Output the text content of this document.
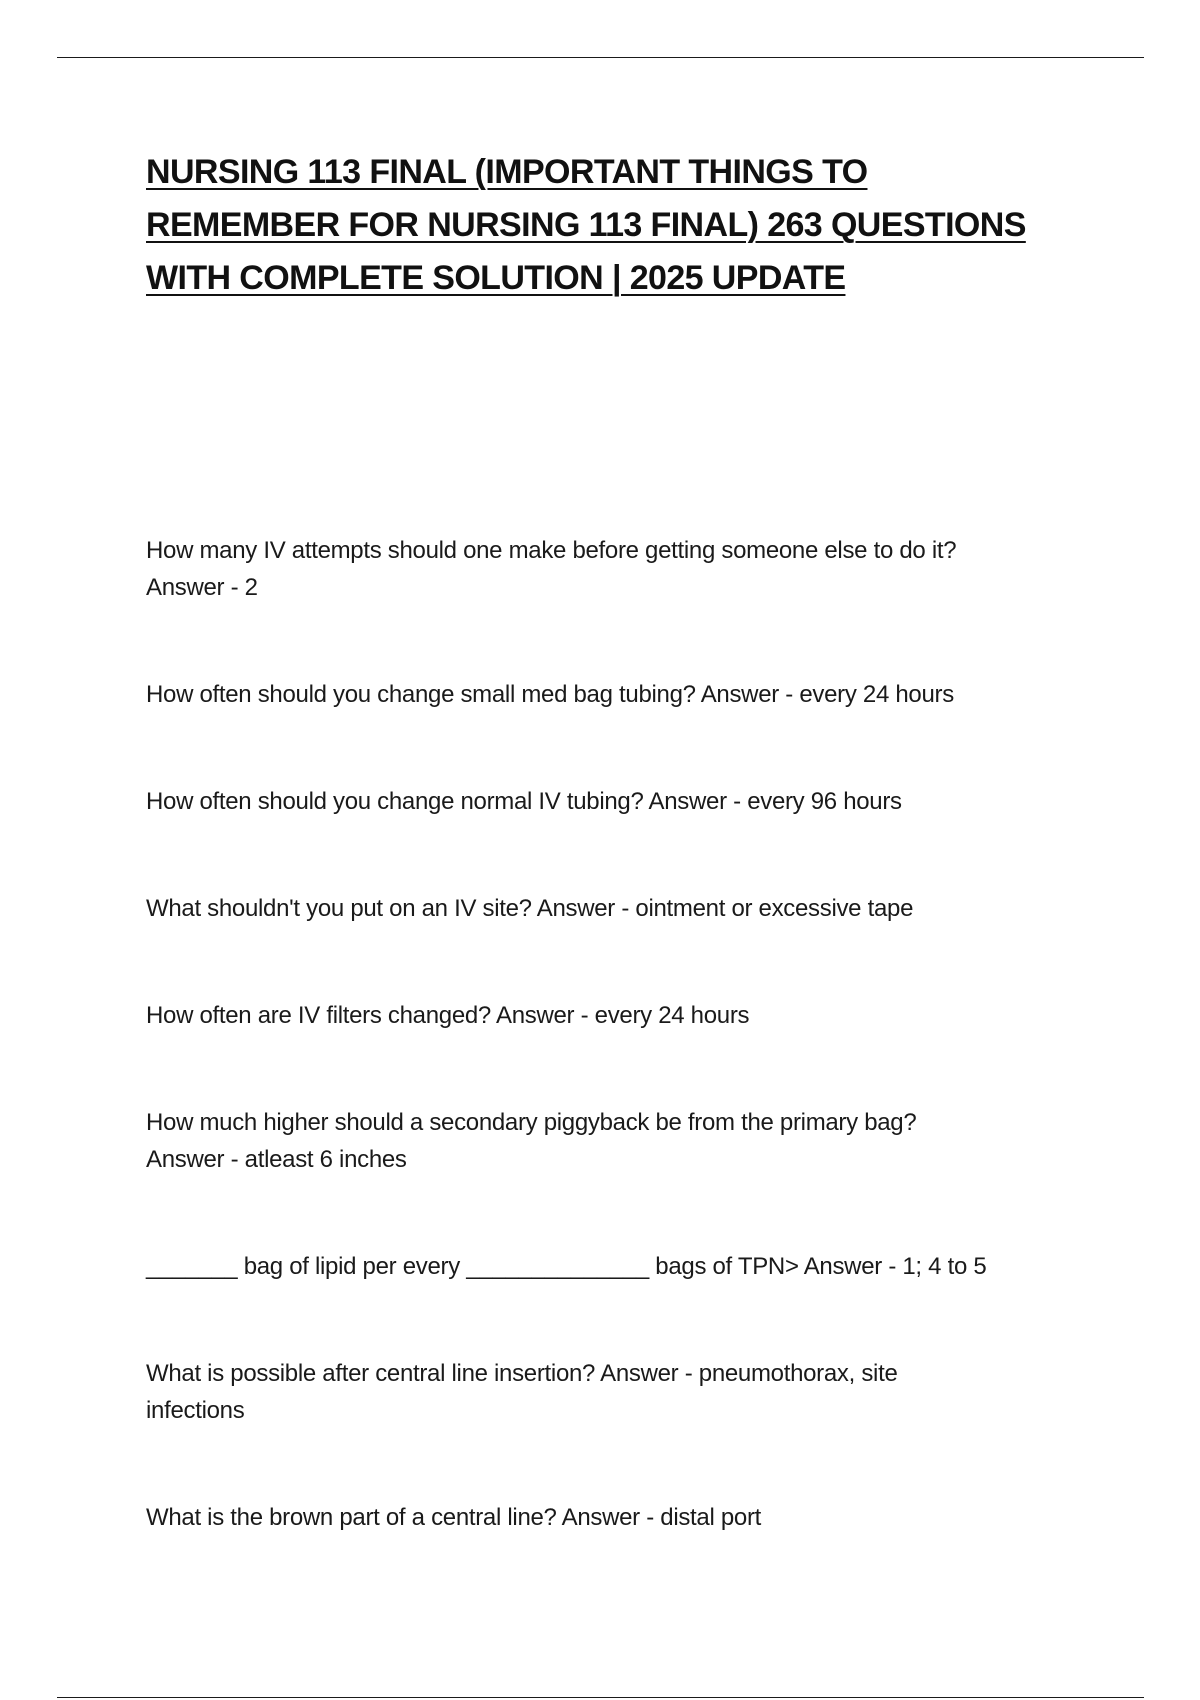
NURSING 113 FINAL (IMPORTANT THINGS TO
REMEMBER FOR NURSING 113 FINAL) 263 QUESTIONS
WITH COMPLETE SOLUTION | 2025 UPDATE

How many IV attempts should one make before getting someone else to do it?
Answer - 2

How often should you change small med bag tubing? Answer - every 24 hours

How often should you change normal IV tubing? Answer - every 96 hours

What shouldn't you put on an IV site? Answer - ointment or excessive tape

How often are IV filters changed? Answer - every 24 hours

How much higher should a secondary piggyback be from the primary bag?
Answer - atleast 6 inches

_______ bag of lipid per every ______________ bags of TPN> Answer - 1; 4 to 5

What is possible after central line insertion? Answer - pneumothorax, site
infections

What is the brown part of a central line? Answer - distal port
